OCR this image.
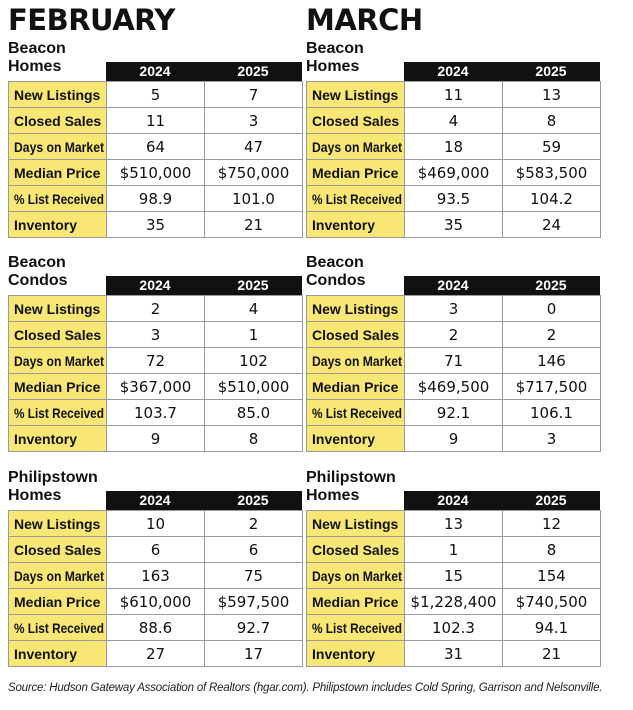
FEBRUARY
Beacon
Homes	2024	2025
New Listings	5	7
Closed Sales	11	3
Days on Market	64	47
Median Price	$510,000	$750,000
% List Received	98.9	101.0
Inventory	35	21
Beacon
Condos	2024	2025
New Listings	2	4
Closed Sales	3	1
Days on Market	72	102
Median Price	$367,000	$510,000
% List Received	103.7	85.0
Inventory	9	8
Philipstown
Homes	2024	2025
New Listings	10	2
Closed Sales	6	6
Days on Market	163	75
Median Price	$610,000	$597,500
% List Received	88.6	92.7
Inventory	27	17
MARCH
Beacon
Homes	2024	2025
New Listings	11	13
Closed Sales	4	8
Days on Market	18	59
Median Price	$469,000	$583,500
% List Received	93.5	104.2
Inventory	35	24
Beacon
Condos	2024	2025
New Listings	3	0
Closed Sales	2	2
Days on Market	71	146
Median Price	$469,500	$717,500
% List Received	92.1	106.1
Inventory	9	3
Philipstown
Homes	2024	2025
New Listings	13	12
Closed Sales	1	8
Days on Market	15	154
Median Price	$1,228,400	$740,500
% List Received	102.3	94.1
Inventory	31	21
Source: Hudson Gateway Association of Realtors (hgar.com). Philipstown includes Cold Spring, Garrison and Nelsonville.
